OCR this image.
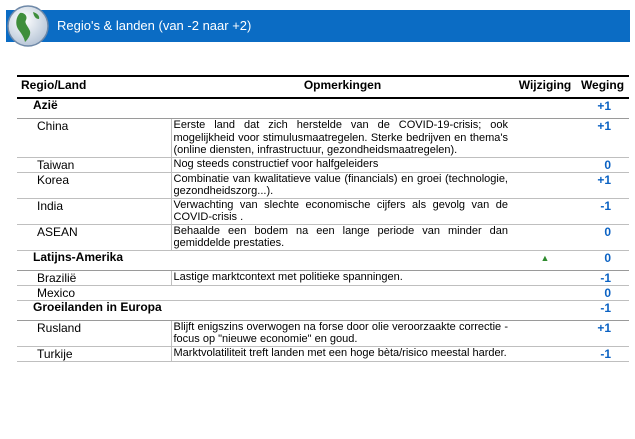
Regio's & landen (van -2 naar +2)
Regio/Land	Opmerkingen	Wijziging	Weging
Azië			+1
China	Eerste land dat zich herstelde van de COVID-19-crisis; ook mogelijkheid voor stimulusmaatregelen. Sterke bedrijven en thema's (online diensten, infrastructuur, gezondheidsmaatregelen).		+1
Taiwan	Nog steeds constructief voor halfgeleiders		0
Korea	Combinatie van kwalitatieve value (financials) en groei (technologie, gezondheidszorg...).		+1
India	Verwachting van slechte economische cijfers als gevolg van de COVID-crisis .		-1
ASEAN	Behaalde een bodem na een lange periode van minder dan gemiddelde prestaties.		0
Latijns-Amerika		▲	0
Brazilië	Lastige marktcontext met politieke spanningen.		-1
Mexico			0
Groeilanden in Europa			-1
Rusland	Blijft enigszins overwogen na forse door olie veroorzaakte correctie - focus op "nieuwe economie" en goud.		+1
Turkije	Marktvolatiliteit treft landen met een hoge bèta/risico meestal harder.		-1
